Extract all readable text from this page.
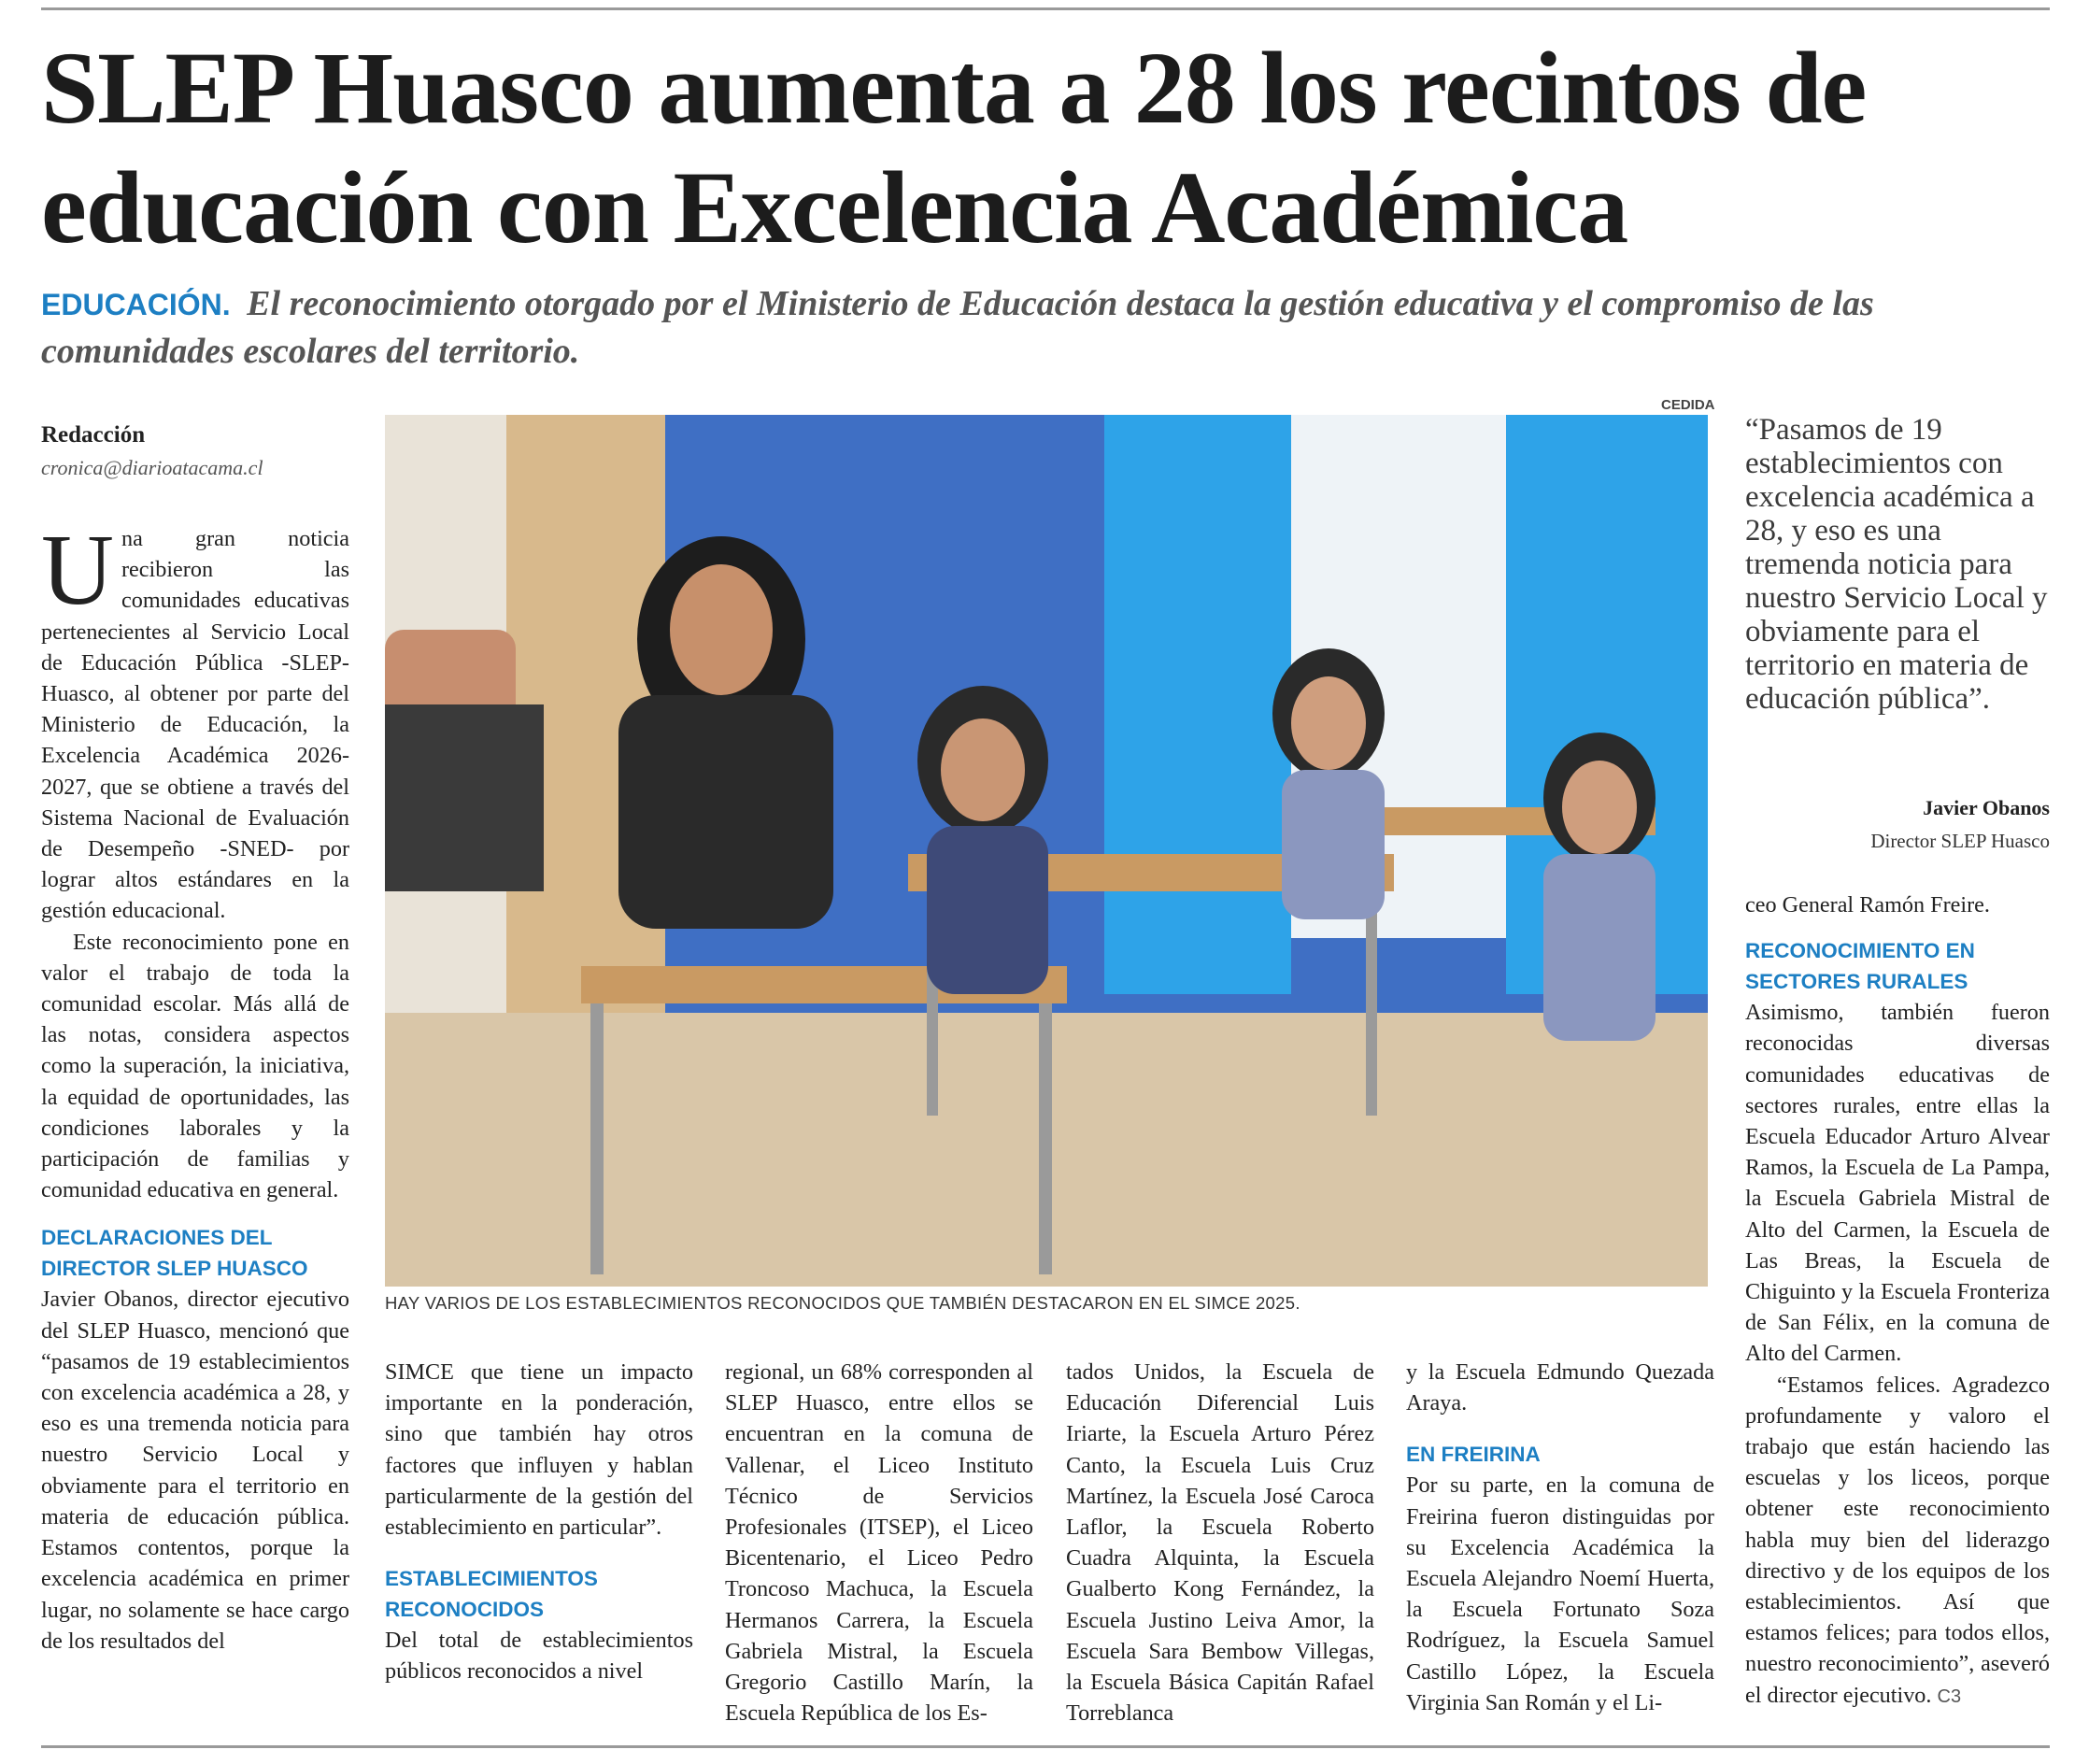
SLEP Huasco aumenta a 28 los recintos de educación con Excelencia Académica

EDUCACIÓN. El reconocimiento otorgado por el Ministerio de Educación destaca la gestión educativa y el compromiso de las comunidades escolares del territorio.

Redacción
cronica@diarioatacama.cl

Una gran noticia recibieron las comunidades educativas pertenecientes al Servicio Local de Educación Pública -SLEP- Huasco, al obtener por parte del Ministerio de Educación, la Excelencia Académica 2026-2027, que se obtiene a través del Sistema Nacional de Evaluación de Desempeño -SNED- por lograr altos estándares en la gestión educacional.

Este reconocimiento pone en valor el trabajo de toda la comunidad escolar. Más allá de las notas, considera aspectos como la superación, la iniciativa, la equidad de oportunidades, las condiciones laborales y la participación de familias y comunidad educativa en general.

DECLARACIONES DEL DIRECTOR SLEP HUASCO

Javier Obanos, director ejecutivo del SLEP Huasco, mencionó que “pasamos de 19 establecimientos con excelencia académica a 28, y eso es una tremenda noticia para nuestro Servicio Local y obviamente para el territorio en materia de educación pública. Estamos contentos, porque la excelencia académica en primer lugar, no solamente se hace cargo de los resultados del

CEDIDA
HAY VARIOS DE LOS ESTABLECIMIENTOS RECONOCIDOS QUE TAMBIÉN DESTACARON EN EL SIMCE 2025.

“Pasamos de 19 establecimientos con excelencia académica a 28, y eso es una tremenda noticia para nuestro Servicio Local y obviamente para el territorio en materia de educación pública”.

Javier Obanos
Director SLEP Huasco

SIMCE que tiene un impacto importante en la ponderación, sino que también hay otros factores que influyen y hablan particularmente de la gestión del establecimiento en particular”.

ESTABLECIMIENTOS RECONOCIDOS

Del total de establecimientos públicos reconocidos a nivel

regional, un 68% corresponden al SLEP Huasco, entre ellos se encuentran en la comuna de Vallenar, el Liceo Instituto Técnico de Servicios Profesionales (ITSEP), el Liceo Bicentenario, el Liceo Pedro Troncoso Machuca, la Escuela Hermanos Carrera, la Escuela Gabriela Mistral, la Escuela Gregorio Castillo Marín, la Escuela República de los Es-

tados Unidos, la Escuela de Educación Diferencial Luis Iriarte, la Escuela Arturo Pérez Canto, la Escuela Luis Cruz Martínez, la Escuela José Caroca Laflor, la Escuela Roberto Cuadra Alquinta, la Escuela Gualberto Kong Fernández, la Escuela Justino Leiva Amor, la Escuela Sara Bembow Villegas, la Escuela Básica Capitán Rafael Torreblanca

y la Escuela Edmundo Quezada Araya.

EN FREIRINA

Por su parte, en la comuna de Freirina fueron distinguidas por su Excelencia Académica la Escuela Alejandro Noemí Huerta, la Escuela Fortunato Soza Rodríguez, la Escuela Samuel Castillo López, la Escuela Virginia San Román y el Li-

ceo General Ramón Freire.

RECONOCIMIENTO EN SECTORES RURALES

Asimismo, también fueron reconocidas diversas comunidades educativas de sectores rurales, entre ellas la Escuela Educador Arturo Alvear Ramos, la Escuela de La Pampa, la Escuela Gabriela Mistral de Alto del Carmen, la Escuela de Las Breas, la Escuela de Chiguinto y la Escuela Fronteriza de San Félix, en la comuna de Alto del Carmen.

“Estamos felices. Agradezco profundamente y valoro el trabajo que están haciendo las escuelas y los liceos, porque obtener este reconocimiento habla muy bien del liderazgo directivo y de los equipos de los establecimientos. Así que estamos felices; para todos ellos, nuestro reconocimiento”, aseveró el director ejecutivo. C3
